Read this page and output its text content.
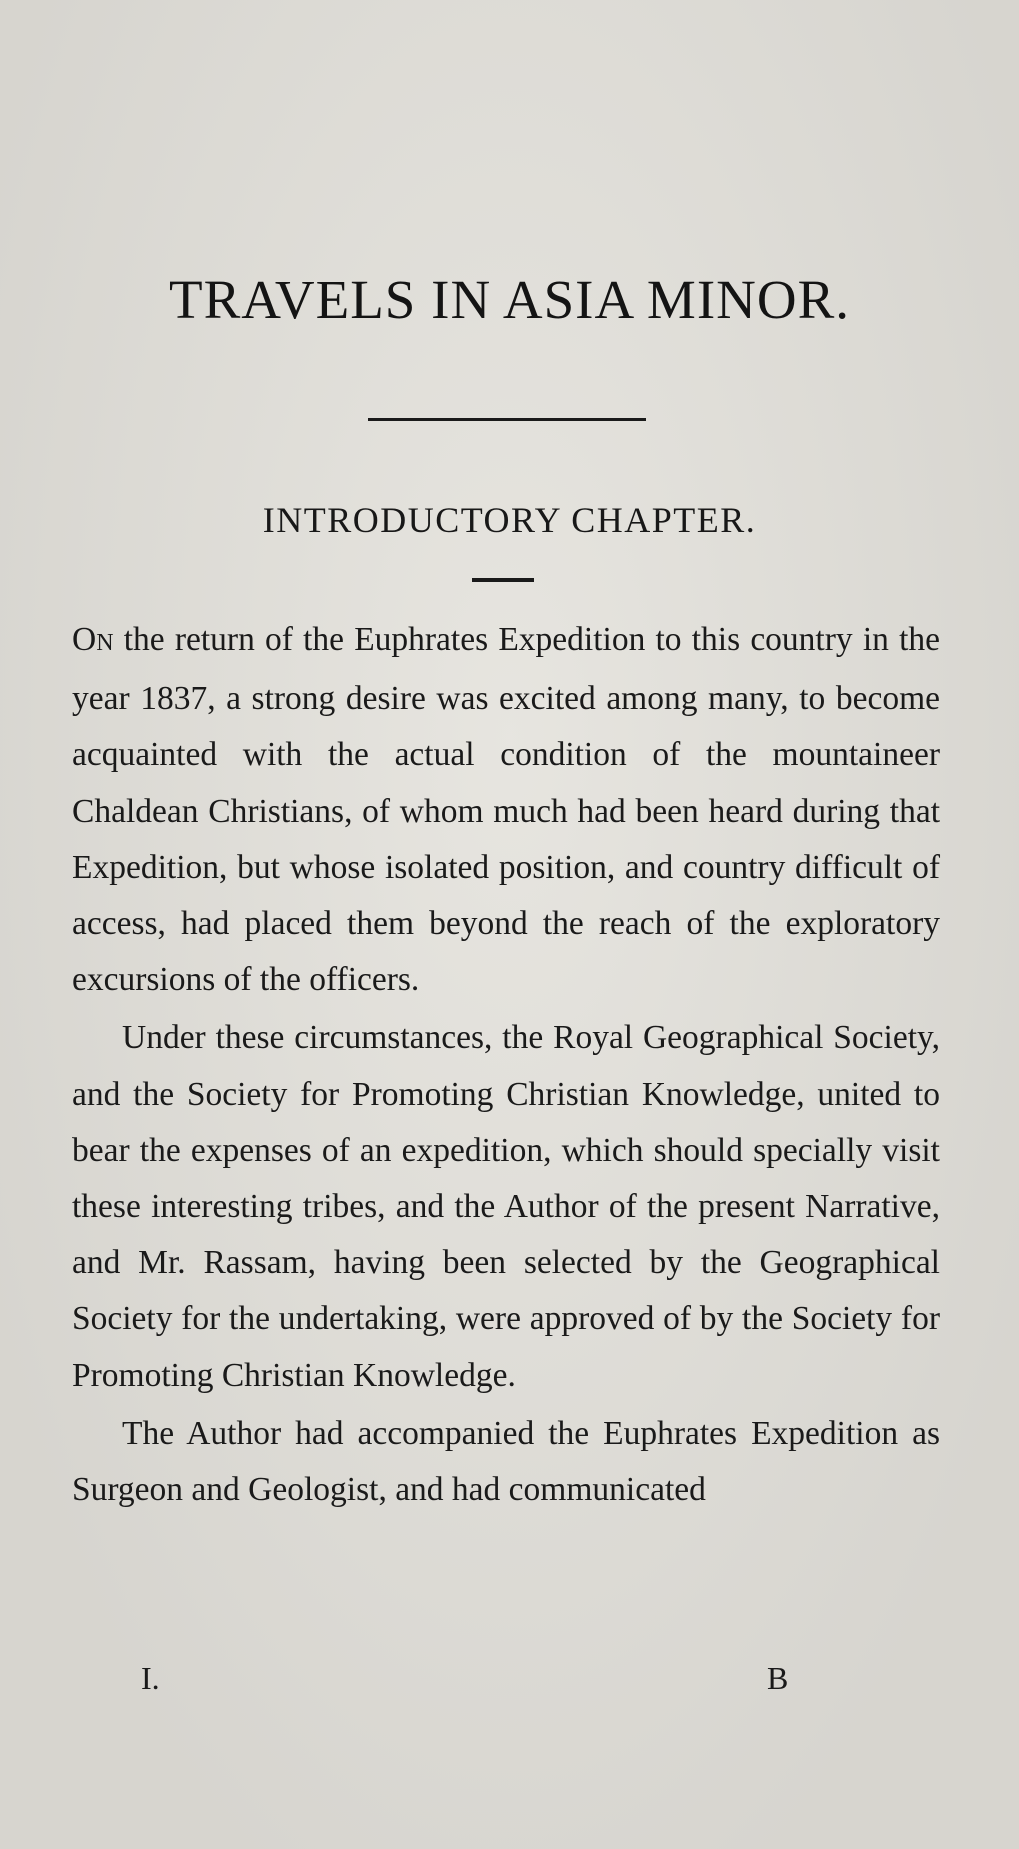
TRAVELS IN ASIA MINOR.
INTRODUCTORY CHAPTER.

ON the return of the Euphrates Expedition to this country in the year 1837, a strong desire was excited among many, to become acquainted with the actual condition of the mountaineer Chaldean Christians, of whom much had been heard during that Expedition, but whose isolated position, and country difficult of access, had placed them beyond the reach of the exploratory excursions of the officers.

Under these circumstances, the Royal Geographical Society, and the Society for Promoting Christian Knowledge, united to bear the expenses of an expedition, which should specially visit these interesting tribes, and the Author of the present Narrative, and Mr. Rassam, having been selected by the Geographical Society for the undertaking, were approved of by the Society for Promoting Christian Knowledge.

The Author had accompanied the Euphrates Expedition as Surgeon and Geologist, and had communicated

I.	B
